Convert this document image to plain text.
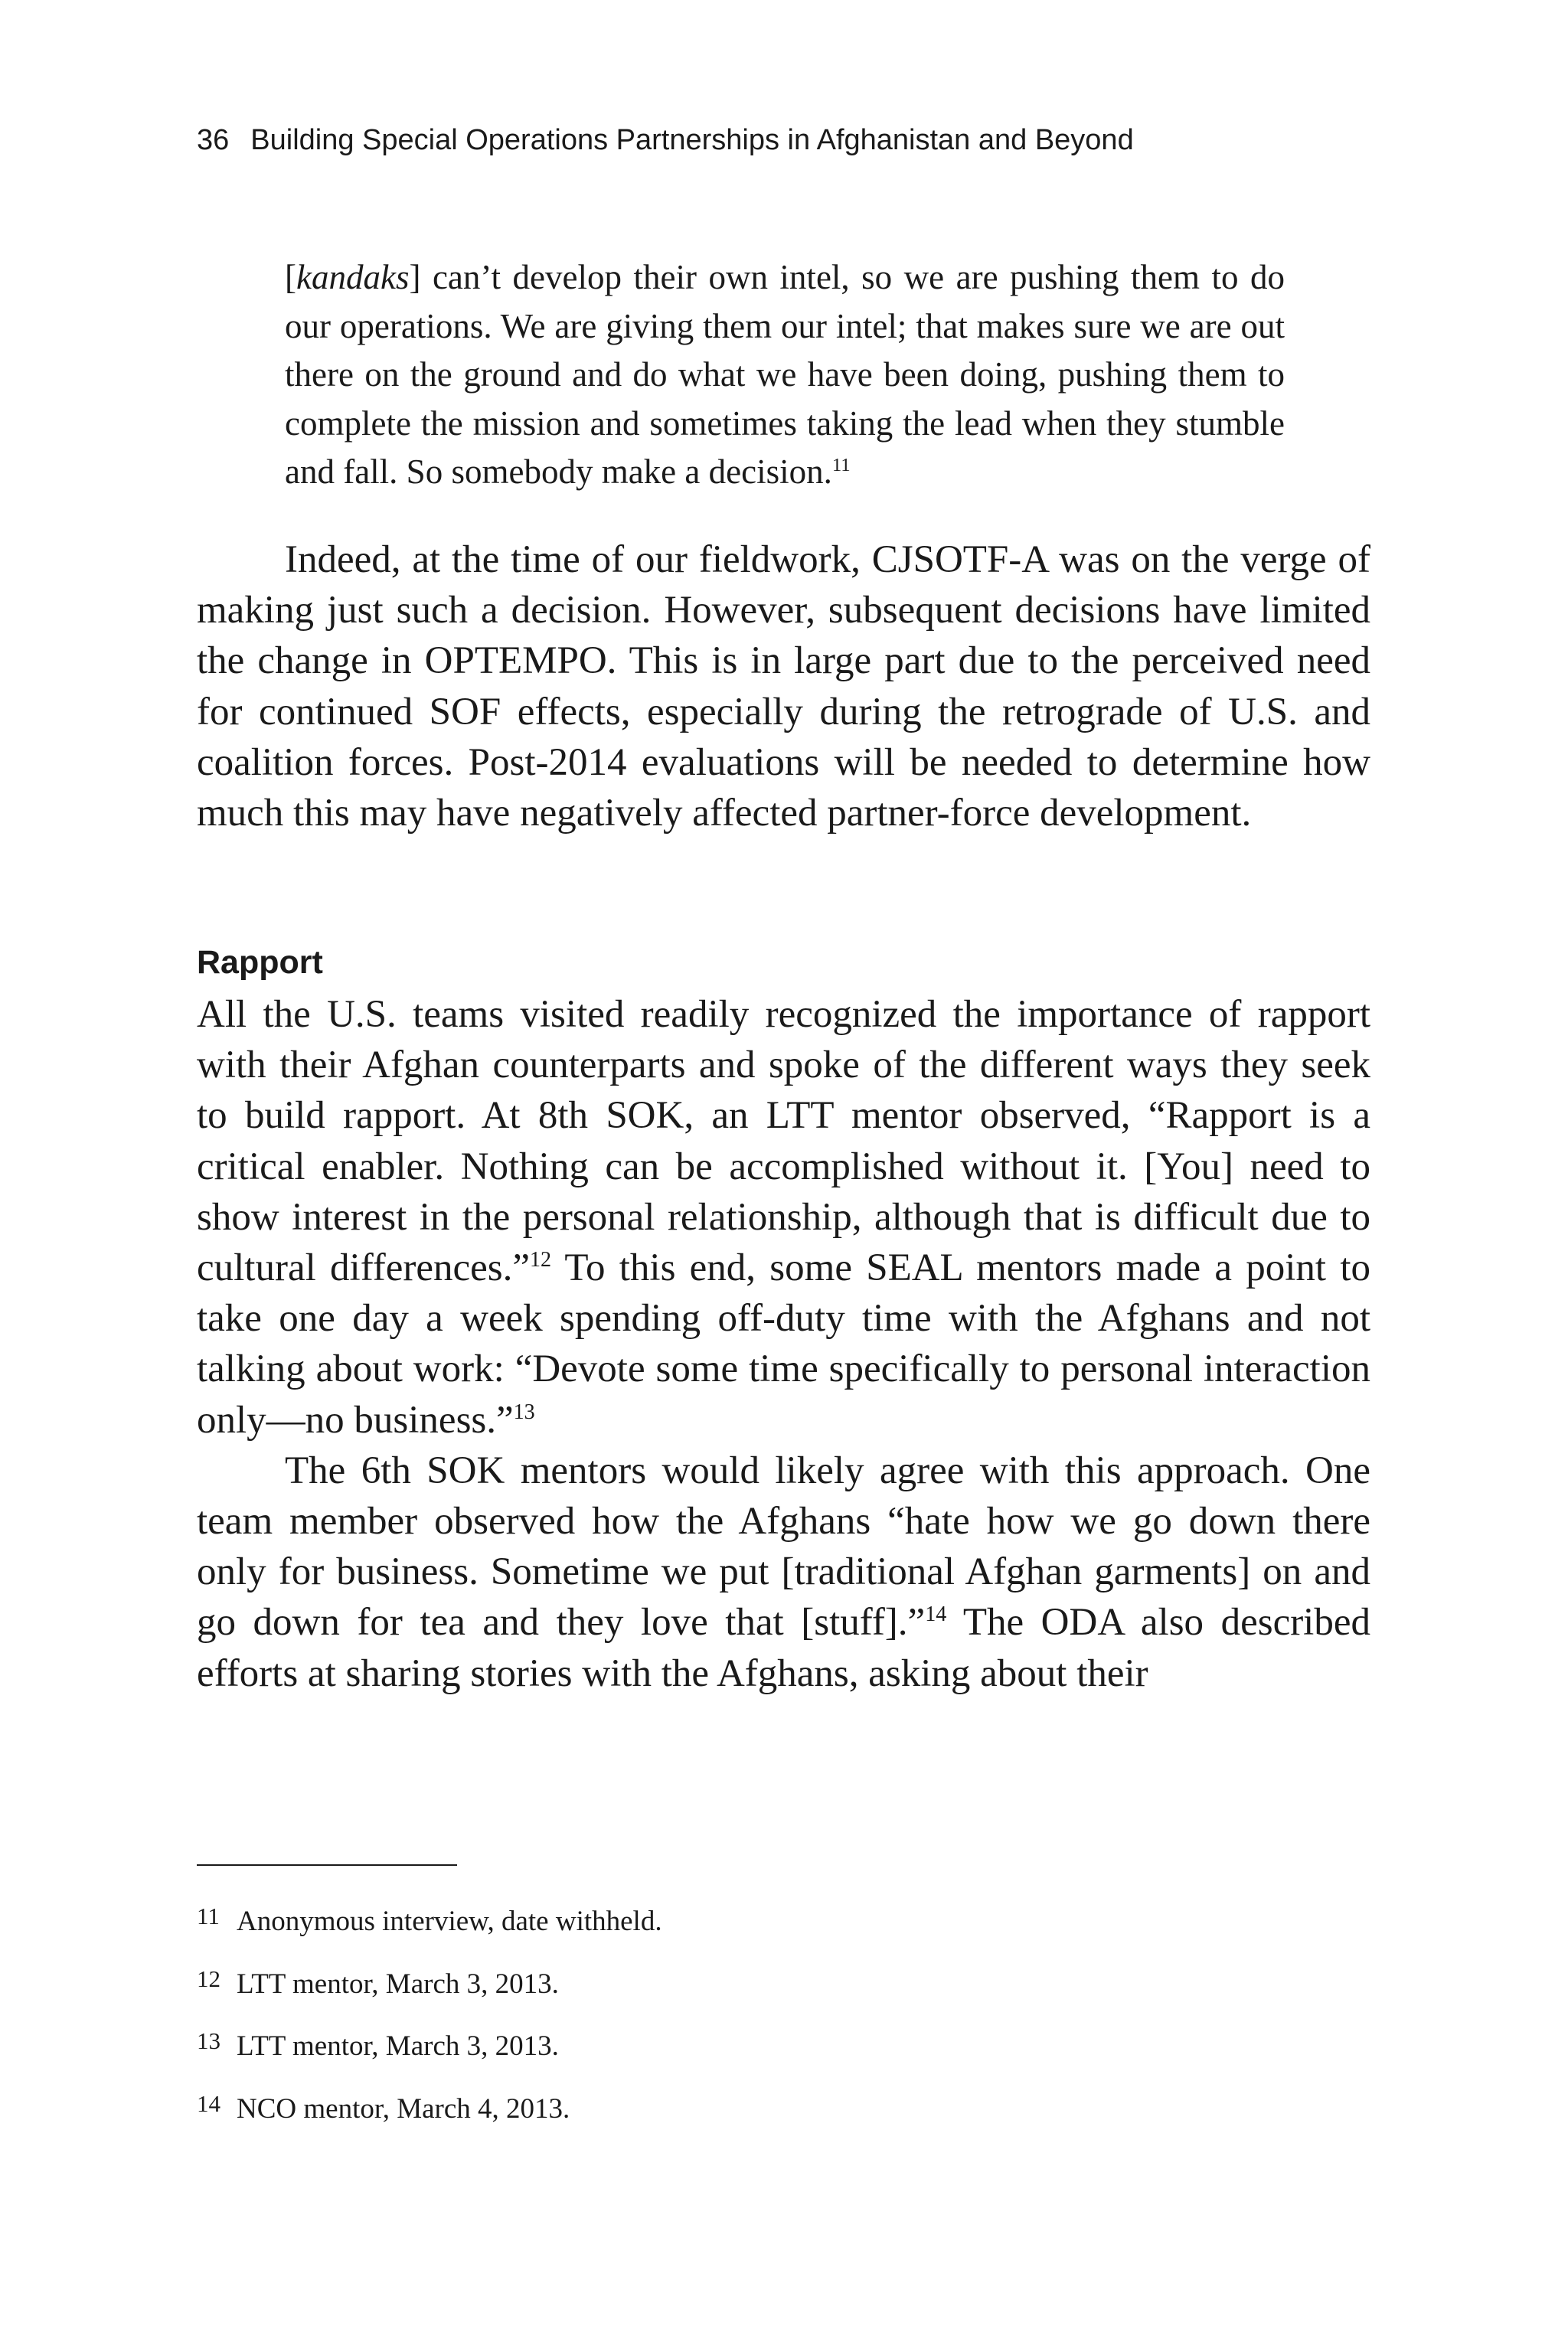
36 Building Special Operations Partnerships in Afghanistan and Beyond
[kandaks] can’t develop their own intel, so we are pushing them to do our operations. We are giving them our intel; that makes sure we are out there on the ground and do what we have been doing, pushing them to complete the mission and sometimes taking the lead when they stumble and fall. So somebody make a decision.$^{11}$

Indeed, at the time of our fieldwork, CJSOTF-A was on the verge of making just such a decision. However, subsequent decisions have limited the change in OPTEMPO. This is in large part due to the perceived need for continued SOF effects, especially during the retrograde of U.S. and coalition forces. Post-2014 evaluations will be needed to determine how much this may have negatively affected partner-force development.

Rapport

All the U.S. teams visited readily recognized the importance of rapport with their Afghan counterparts and spoke of the different ways they seek to build rapport. At 8th SOK, an LTT mentor observed, “Rapport is a critical enabler. Nothing can be accomplished without it. [You] need to show interest in the personal relationship, although that is difficult due to cultural differences.”$^{12}$ To this end, some SEAL mentors made a point to take one day a week spending off-duty time with the Afghans and not talking about work: “Devote some time specifically to personal interaction only—no business.”$^{13}$

The 6th SOK mentors would likely agree with this approach. One team member observed how the Afghans “hate how we go down there only for business. Sometime we put [traditional Afghan garments] on and go down for tea and they love that [stuff].”$^{14}$ The ODA also described efforts at sharing stories with the Afghans, asking about their

11 Anonymous interview, date withheld.
12 LTT mentor, March 3, 2013.
13 LTT mentor, March 3, 2013.
14 NCO mentor, March 4, 2013.
